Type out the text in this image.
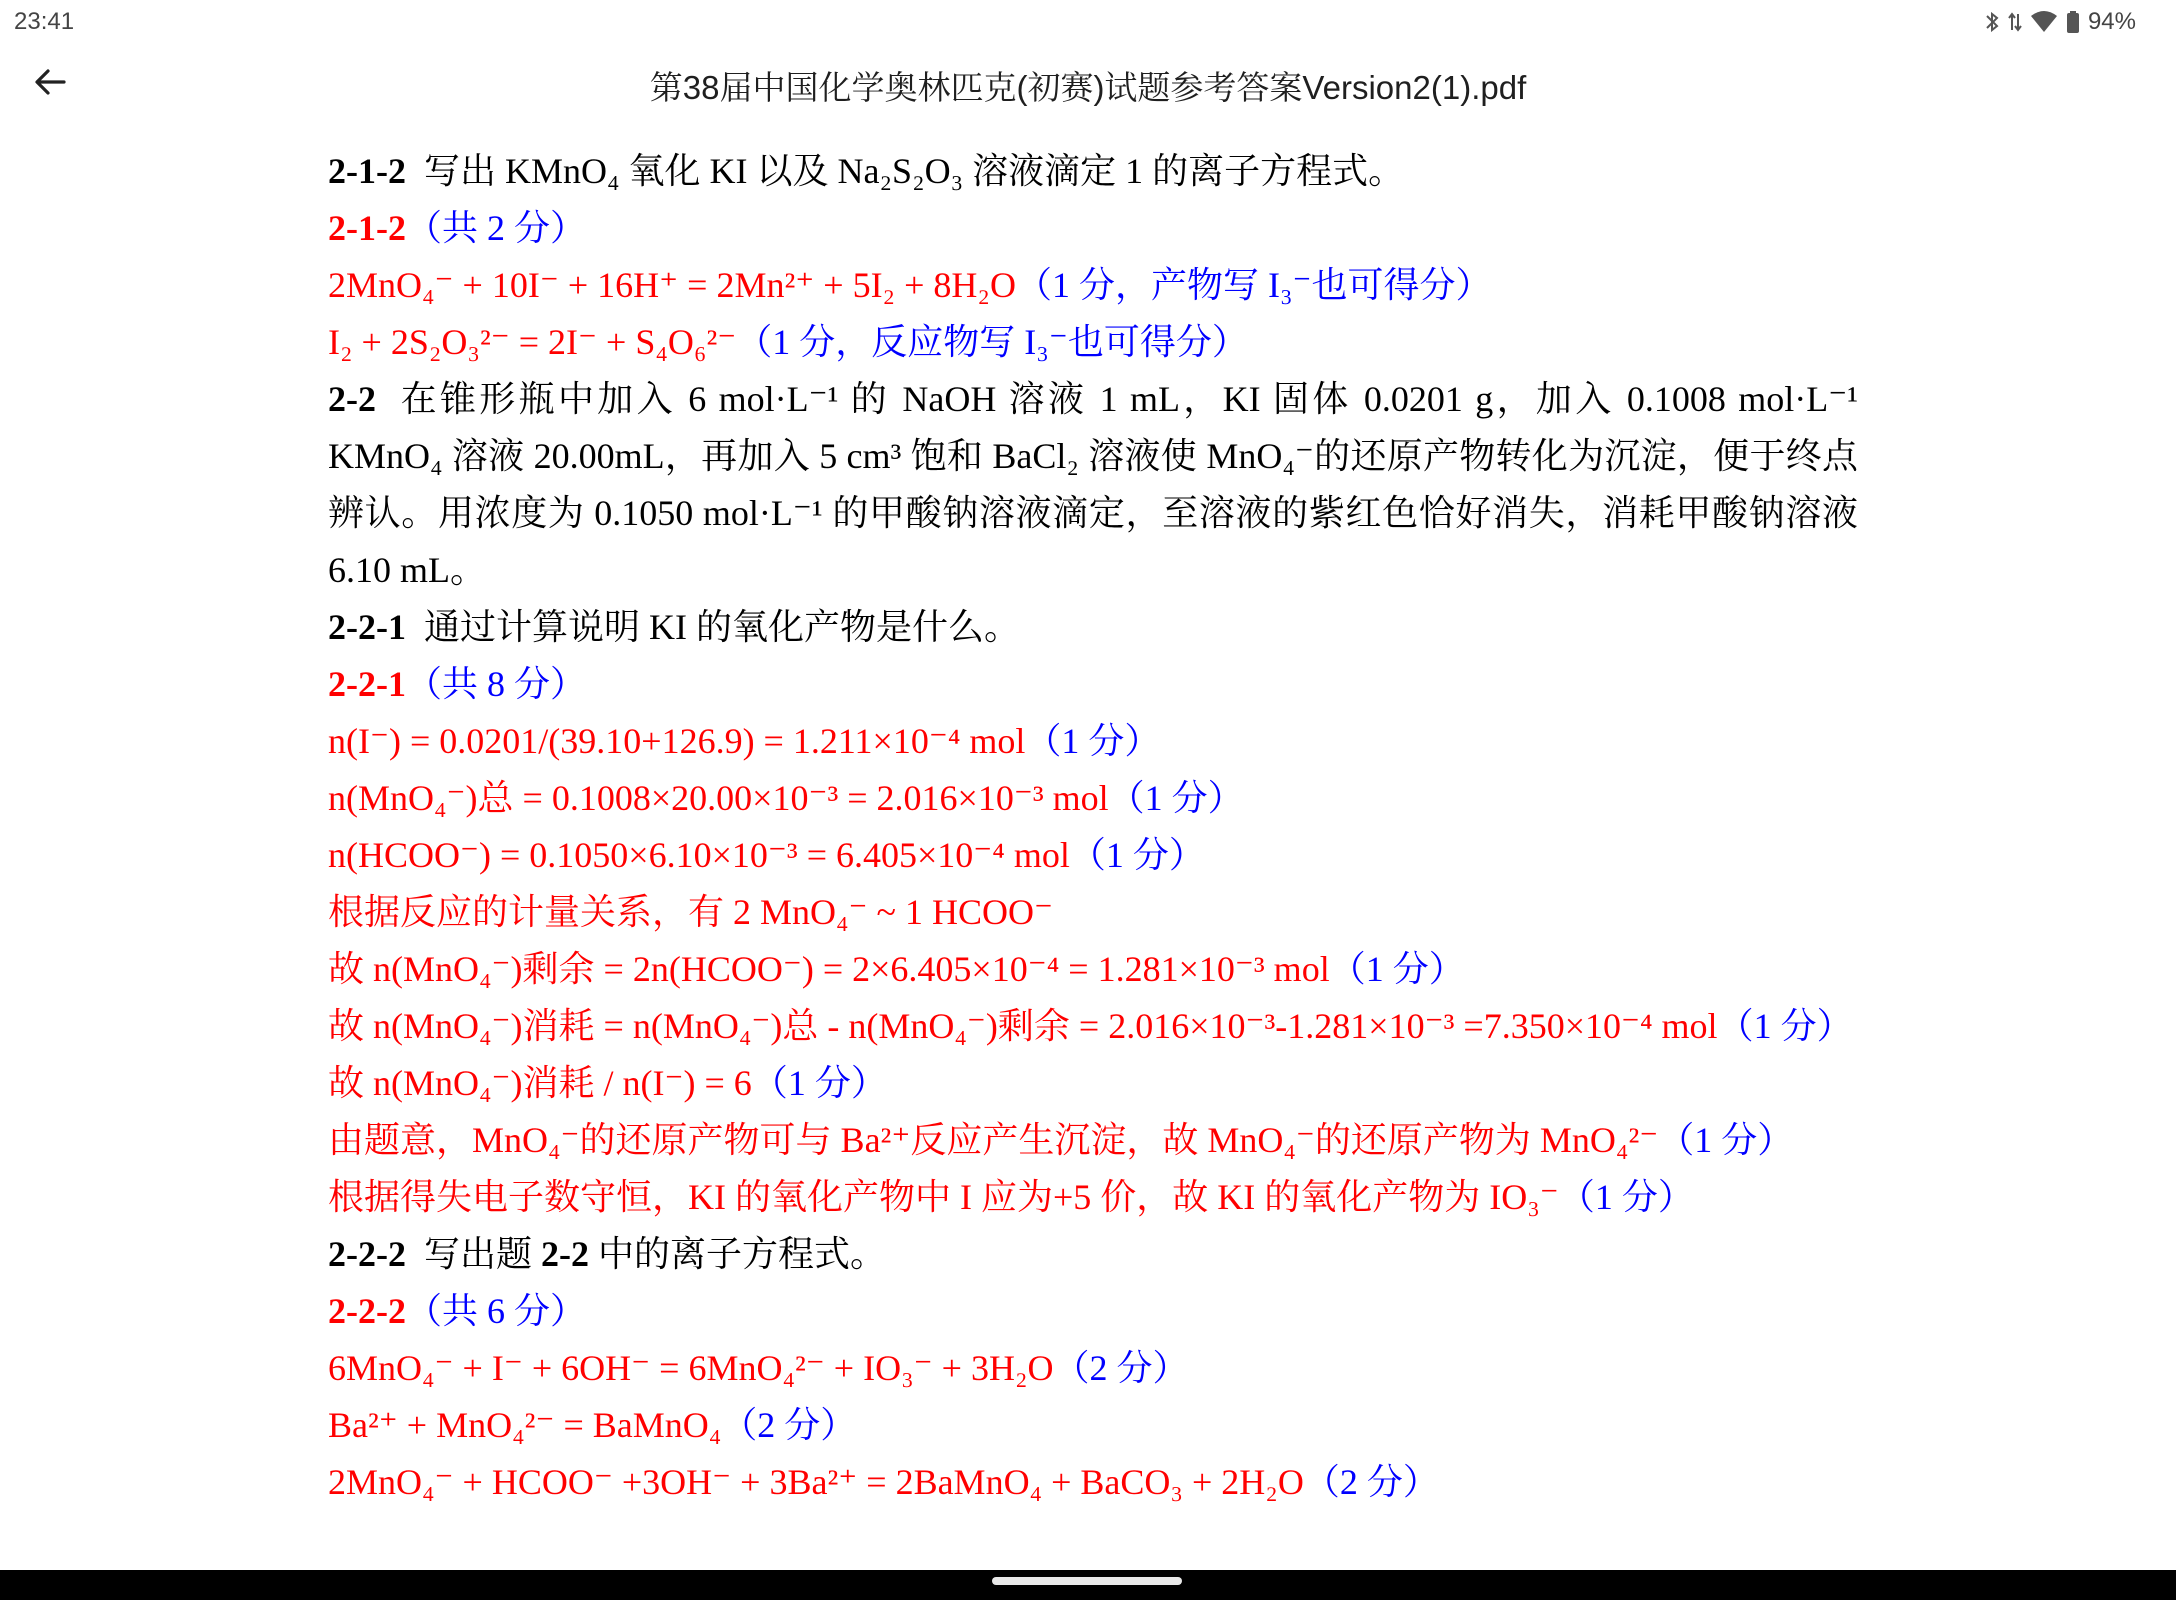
23:41	94%
第38届中国化学奥林匹克(初赛)试题参考答案Version2(1).pdf
2-1-2 写出 KMnO₄ 氧化 KI 以及 Na₂S₂O₃ 溶液滴定 1 的离子方程式。
2-1-2（共 2 分）
2MnO₄⁻ + 10I⁻ + 16H⁺ = 2Mn²⁺ + 5I₂ + 8H₂O（1 分，产物写 I₃⁻也可得分）
I₂ + 2S₂O₃²⁻ = 2I⁻ + S₄O₆²⁻（1 分，反应物写 I₃⁻也可得分）
2-2 在锥形瓶中加入 6 mol·L⁻¹ 的 NaOH 溶液 1 mL，KI 固体 0.0201 g，加入 0.1008 mol·L⁻¹ KMnO₄ 溶液 20.00mL，再加入 5 cm³ 饱和 BaCl₂ 溶液使 MnO₄⁻的还原产物转化为沉淀，便于终点辨认。用浓度为 0.1050 mol·L⁻¹ 的甲酸钠溶液滴定，至溶液的紫红色恰好消失，消耗甲酸钠溶液 6.10 mL。
2-2-1 通过计算说明 KI 的氧化产物是什么。
2-2-1（共 8 分）
n(I⁻) = 0.0201/(39.10+126.9) = 1.211×10⁻⁴ mol（1 分）
n(MnO₄⁻)总 = 0.1008×20.00×10⁻³ = 2.016×10⁻³ mol（1 分）
n(HCOO⁻) = 0.1050×6.10×10⁻³ = 6.405×10⁻⁴ mol（1 分）
根据反应的计量关系，有 2 MnO₄⁻ ~ 1 HCOO⁻
故 n(MnO₄⁻)剩余 = 2n(HCOO⁻) = 2×6.405×10⁻⁴ = 1.281×10⁻³ mol（1 分）
故 n(MnO₄⁻)消耗 = n(MnO₄⁻)总 - n(MnO₄⁻)剩余 = 2.016×10⁻³-1.281×10⁻³ =7.350×10⁻⁴ mol（1 分）
故 n(MnO₄⁻)消耗 / n(I⁻) = 6（1 分）
由题意，MnO₄⁻的还原产物可与 Ba²⁺反应产生沉淀，故 MnO₄⁻的还原产物为 MnO₄²⁻（1 分）
根据得失电子数守恒，KI 的氧化产物中 I 应为+5 价，故 KI 的氧化产物为 IO₃⁻（1 分）
2-2-2 写出题 2-2 中的离子方程式。
2-2-2（共 6 分）
6MnO₄⁻ + I⁻ + 6OH⁻ = 6MnO₄²⁻ + IO₃⁻ + 3H₂O（2 分）
Ba²⁺ + MnO₄²⁻ = BaMnO₄（2 分）
2MnO₄⁻ + HCOO⁻ +3OH⁻ + 3Ba²⁺ = 2BaMnO₄ + BaCO₃ + 2H₂O（2 分）
